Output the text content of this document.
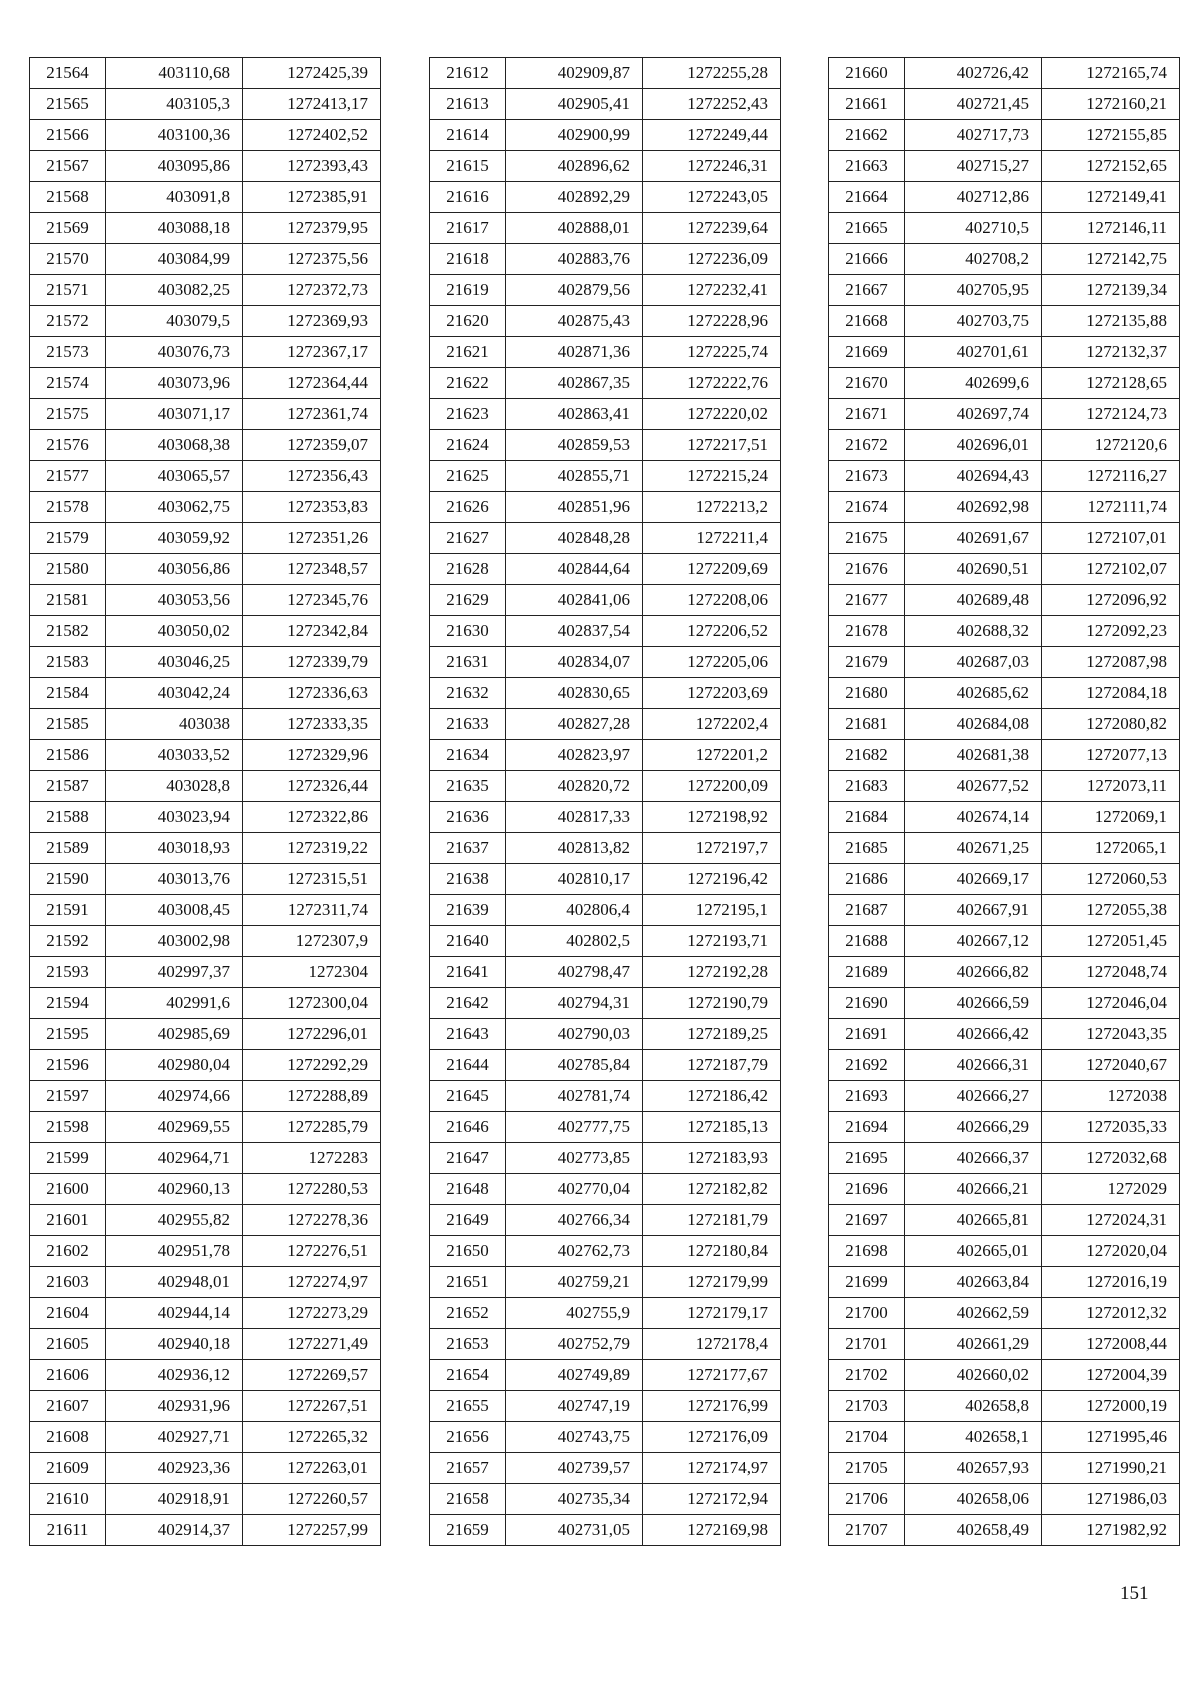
21564	403110,68	1272425,39
21565	403105,3	1272413,17
21566	403100,36	1272402,52
21567	403095,86	1272393,43
21568	403091,8	1272385,91
21569	403088,18	1272379,95
21570	403084,99	1272375,56
21571	403082,25	1272372,73
21572	403079,5	1272369,93
21573	403076,73	1272367,17
21574	403073,96	1272364,44
21575	403071,17	1272361,74
21576	403068,38	1272359,07
21577	403065,57	1272356,43
21578	403062,75	1272353,83
21579	403059,92	1272351,26
21580	403056,86	1272348,57
21581	403053,56	1272345,76
21582	403050,02	1272342,84
21583	403046,25	1272339,79
21584	403042,24	1272336,63
21585	403038	1272333,35
21586	403033,52	1272329,96
21587	403028,8	1272326,44
21588	403023,94	1272322,86
21589	403018,93	1272319,22
21590	403013,76	1272315,51
21591	403008,45	1272311,74
21592	403002,98	1272307,9
21593	402997,37	1272304
21594	402991,6	1272300,04
21595	402985,69	1272296,01
21596	402980,04	1272292,29
21597	402974,66	1272288,89
21598	402969,55	1272285,79
21599	402964,71	1272283
21600	402960,13	1272280,53
21601	402955,82	1272278,36
21602	402951,78	1272276,51
21603	402948,01	1272274,97
21604	402944,14	1272273,29
21605	402940,18	1272271,49
21606	402936,12	1272269,57
21607	402931,96	1272267,51
21608	402927,71	1272265,32
21609	402923,36	1272263,01
21610	402918,91	1272260,57
21611	402914,37	1272257,99
21612	402909,87	1272255,28
21613	402905,41	1272252,43
21614	402900,99	1272249,44
21615	402896,62	1272246,31
21616	402892,29	1272243,05
21617	402888,01	1272239,64
21618	402883,76	1272236,09
21619	402879,56	1272232,41
21620	402875,43	1272228,96
21621	402871,36	1272225,74
21622	402867,35	1272222,76
21623	402863,41	1272220,02
21624	402859,53	1272217,51
21625	402855,71	1272215,24
21626	402851,96	1272213,2
21627	402848,28	1272211,4
21628	402844,64	1272209,69
21629	402841,06	1272208,06
21630	402837,54	1272206,52
21631	402834,07	1272205,06
21632	402830,65	1272203,69
21633	402827,28	1272202,4
21634	402823,97	1272201,2
21635	402820,72	1272200,09
21636	402817,33	1272198,92
21637	402813,82	1272197,7
21638	402810,17	1272196,42
21639	402806,4	1272195,1
21640	402802,5	1272193,71
21641	402798,47	1272192,28
21642	402794,31	1272190,79
21643	402790,03	1272189,25
21644	402785,84	1272187,79
21645	402781,74	1272186,42
21646	402777,75	1272185,13
21647	402773,85	1272183,93
21648	402770,04	1272182,82
21649	402766,34	1272181,79
21650	402762,73	1272180,84
21651	402759,21	1272179,99
21652	402755,9	1272179,17
21653	402752,79	1272178,4
21654	402749,89	1272177,67
21655	402747,19	1272176,99
21656	402743,75	1272176,09
21657	402739,57	1272174,97
21658	402735,34	1272172,94
21659	402731,05	1272169,98
21660	402726,42	1272165,74
21661	402721,45	1272160,21
21662	402717,73	1272155,85
21663	402715,27	1272152,65
21664	402712,86	1272149,41
21665	402710,5	1272146,11
21666	402708,2	1272142,75
21667	402705,95	1272139,34
21668	402703,75	1272135,88
21669	402701,61	1272132,37
21670	402699,6	1272128,65
21671	402697,74	1272124,73
21672	402696,01	1272120,6
21673	402694,43	1272116,27
21674	402692,98	1272111,74
21675	402691,67	1272107,01
21676	402690,51	1272102,07
21677	402689,48	1272096,92
21678	402688,32	1272092,23
21679	402687,03	1272087,98
21680	402685,62	1272084,18
21681	402684,08	1272080,82
21682	402681,38	1272077,13
21683	402677,52	1272073,11
21684	402674,14	1272069,1
21685	402671,25	1272065,1
21686	402669,17	1272060,53
21687	402667,91	1272055,38
21688	402667,12	1272051,45
21689	402666,82	1272048,74
21690	402666,59	1272046,04
21691	402666,42	1272043,35
21692	402666,31	1272040,67
21693	402666,27	1272038
21694	402666,29	1272035,33
21695	402666,37	1272032,68
21696	402666,21	1272029
21697	402665,81	1272024,31
21698	402665,01	1272020,04
21699	402663,84	1272016,19
21700	402662,59	1272012,32
21701	402661,29	1272008,44
21702	402660,02	1272004,39
21703	402658,8	1272000,19
21704	402658,1	1271995,46
21705	402657,93	1271990,21
21706	402658,06	1271986,03
21707	402658,49	1271982,92
151
